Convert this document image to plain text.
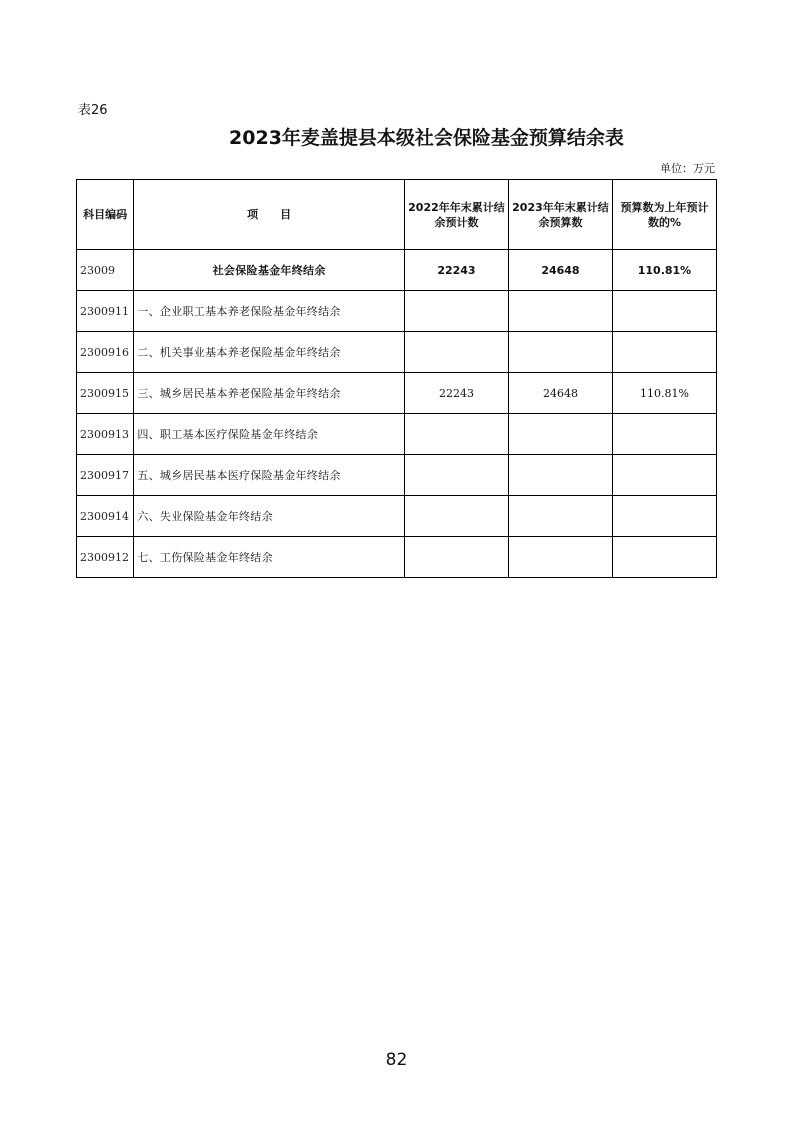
表26
2023年麦盖提县本级社会保险基金预算结余表
单位：万元
科目编码	项　　目	2022年年末累计结余预计数	2023年年末累计结余预算数	预算数为上年预计数的%
23009	社会保险基金年终结余	22243	24648	110.81%
2300911	一、企业职工基本养老保险基金年终结余			
2300916	二、机关事业基本养老保险基金年终结余			
2300915	三、城乡居民基本养老保险基金年终结余	22243	24648	110.81%
2300913	四、职工基本医疗保险基金年终结余			
2300917	五、城乡居民基本医疗保险基金年终结余			
2300914	六、失业保险基金年终结余			
2300912	七、工伤保险基金年终结余			
82
